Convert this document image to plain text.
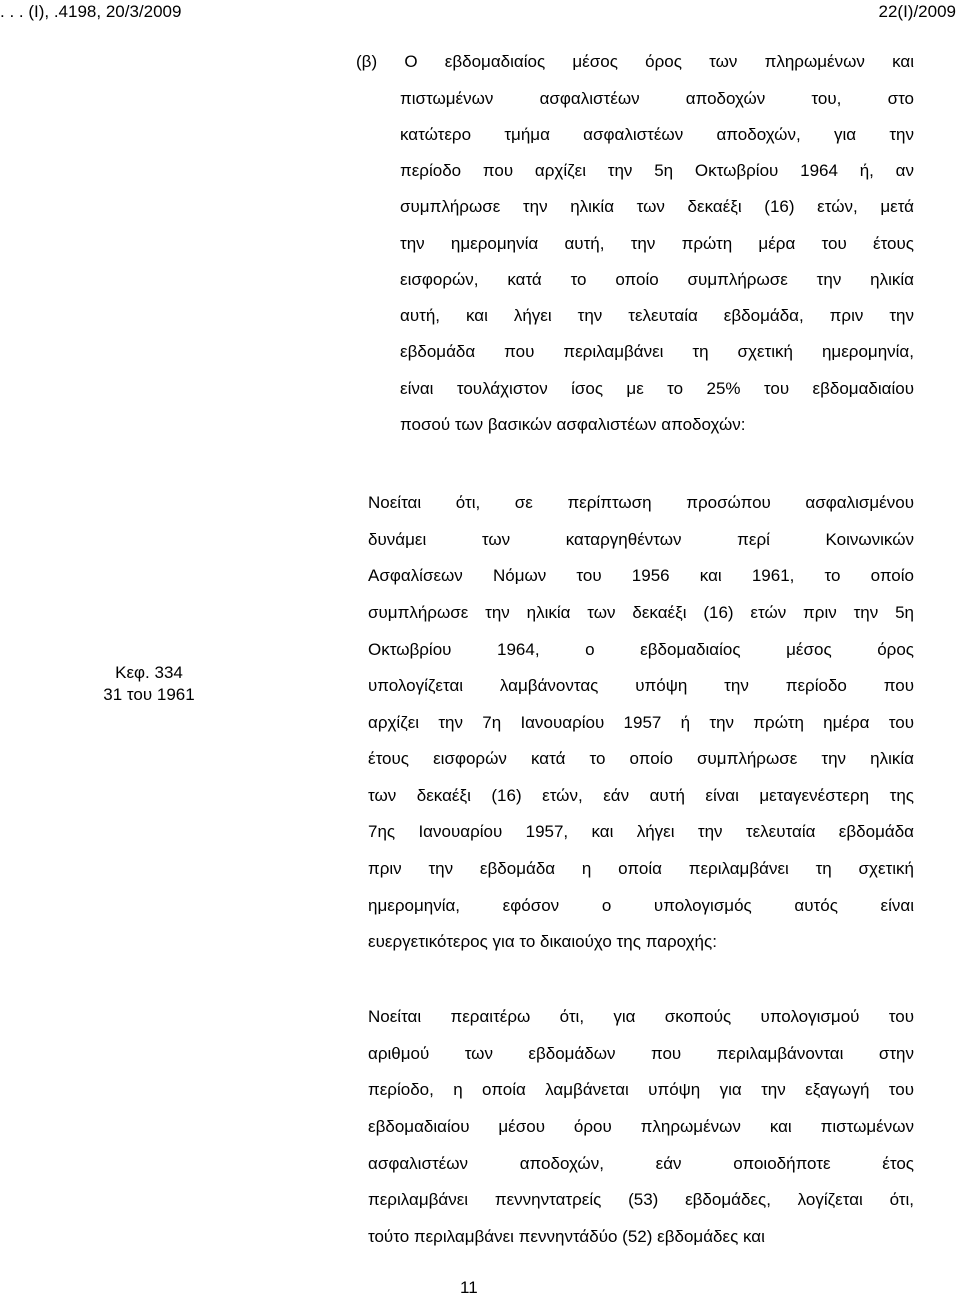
. . . (Ι), .4198, 20/3/2009	22(Ι)/2009
(β) Ο εβδομαδιαίος μέσος όρος των πληρωμένων και
πιστωμένων ασφαλιστέων αποδοχών του, στο
κατώτερο τμήμα ασφαλιστέων αποδοχών, για την
περίοδο που αρχίζει την 5η Οκτωβρίου 1964 ή, αν
συμπλήρωσε την ηλικία των δεκαέξι (16) ετών, μετά
την ημερομηνία αυτή, την πρώτη μέρα του έτους
εισφορών, κατά το οποίο συμπλήρωσε την ηλικία
αυτή, και λήγει την τελευταία εβδομάδα, πριν την
εβδομάδα που περιλαμβάνει τη σχετική ημερομηνία,
είναι τουλάχιστον ίσος με το 25% του εβδομαδιαίου
ποσού των βασικών ασφαλιστέων αποδοχών:
Κεφ. 334
31 του 1961
Νοείται ότι, σε περίπτωση προσώπου ασφαλισμένου
δυνάμει των καταργηθέντων περί Κοινωνικών
Ασφαλίσεων Νόμων του 1956 και 1961, το οποίο
συμπλήρωσε την ηλικία των δεκαέξι (16) ετών πριν την 5η
Οκτωβρίου 1964, ο εβδομαδιαίος μέσος όρος
υπολογίζεται λαμβάνοντας υπόψη την περίοδο που
αρχίζει την 7η Ιανουαρίου 1957 ή την πρώτη ημέρα του
έτους εισφορών κατά το οποίο συμπλήρωσε την ηλικία
των δεκαέξι (16) ετών, εάν αυτή είναι μεταγενέστερη της
7ης Ιανουαρίου 1957, και λήγει την τελευταία εβδομάδα
πριν την εβδομάδα η οποία περιλαμβάνει τη σχετική
ημερομηνία, εφόσον ο υπολογισμός αυτός είναι
ευεργετικότερος για το δικαιούχο της παροχής:
Νοείται περαιτέρω ότι, για σκοπούς υπολογισμού του
αριθμού των εβδομάδων που περιλαμβάνονται στην
περίοδο, η οποία λαμβάνεται υπόψη για την εξαγωγή του
εβδομαδιαίου μέσου όρου πληρωμένων και πιστωμένων
ασφαλιστέων αποδοχών, εάν οποιοδήποτε έτος
περιλαμβάνει πεννηντατρείς (53) εβδομάδες, λογίζεται ότι,
τούτο περιλαμβάνει πεννηντάδύο (52) εβδομάδες και
11
